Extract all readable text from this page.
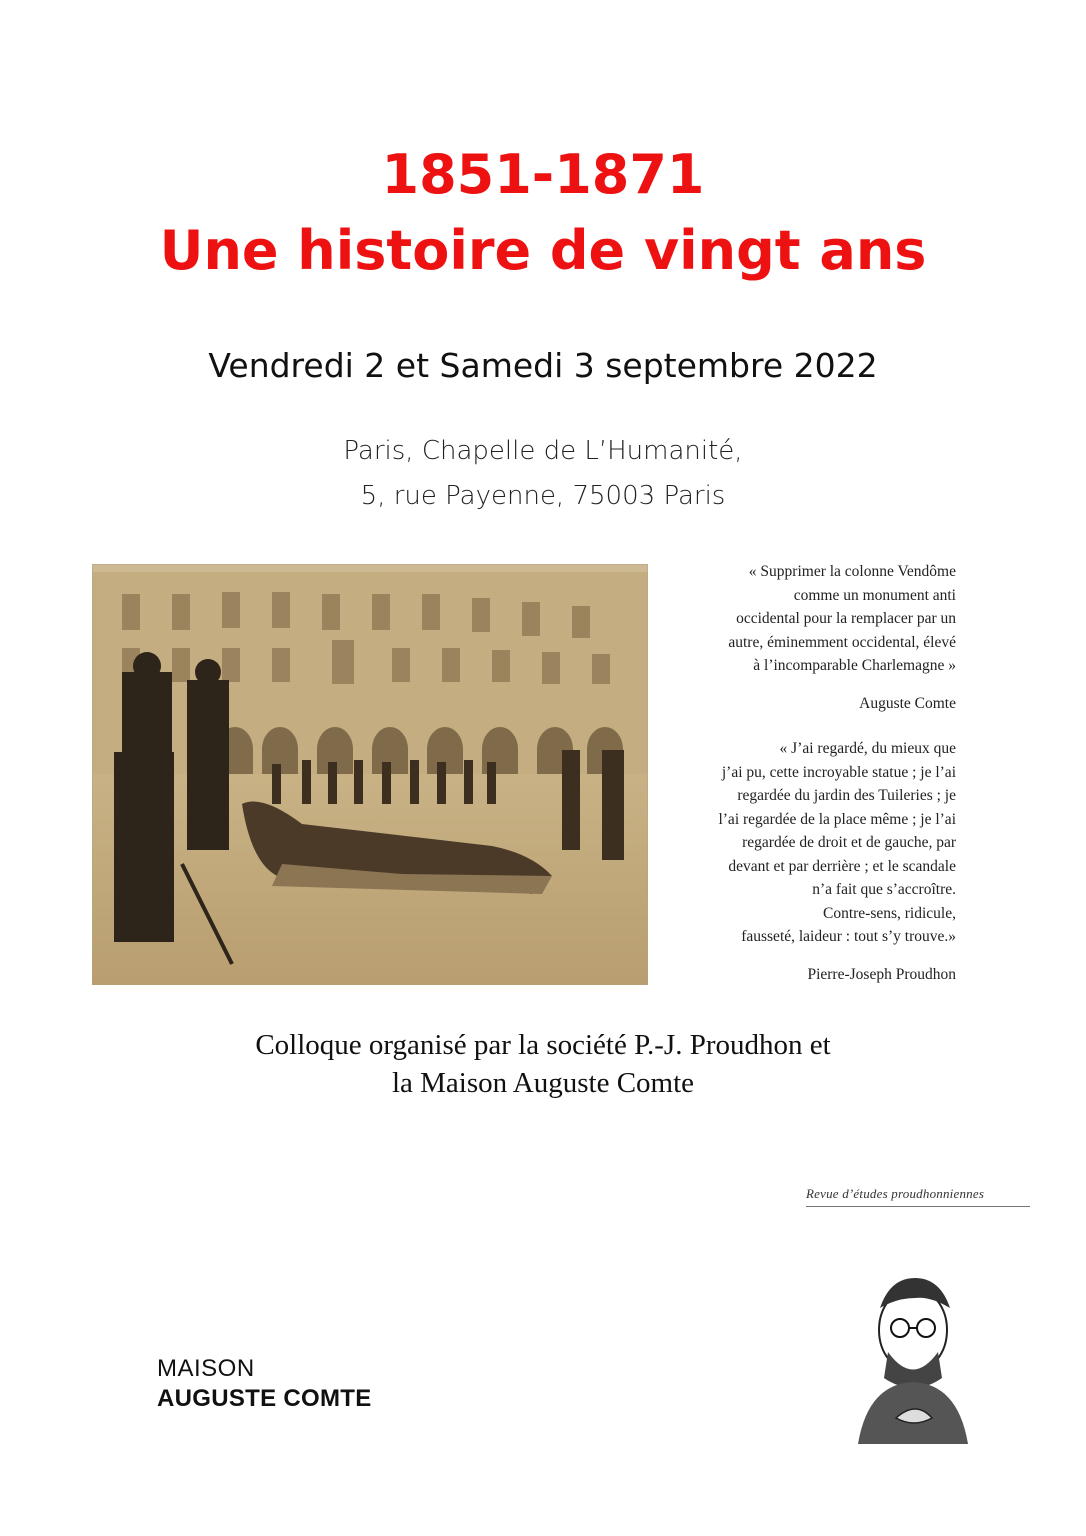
1851-1871
Une histoire de vingt ans
Vendredi 2 et Samedi 3 septembre 2022
Paris, Chapelle de L’Humanité,
5, rue Payenne, 75003 Paris
« Supprimer la colonne Vendôme
comme un monument anti
occidental pour la remplacer par un
autre, éminemment occidental, élevé
à l’incomparable Charlemagne »
Auguste Comte
« J’ai regardé, du mieux que
j’ai pu, cette incroyable statue ; je l’ai
regardée du jardin des Tuileries ; je
l’ai regardée de la place même ; je l’ai
regardée de droit et de gauche, par
devant et par derrière ; et le scandale
n’a fait que s’accroître.
Contre-sens, ridicule,
fausseté, laideur : tout s’y trouve.»
Pierre-Joseph Proudhon
Colloque organisé par la société P.-J. Proudhon et
la Maison Auguste Comte
Revue d’études proudhonniennes
MAISON
AUGUSTE COMTE
